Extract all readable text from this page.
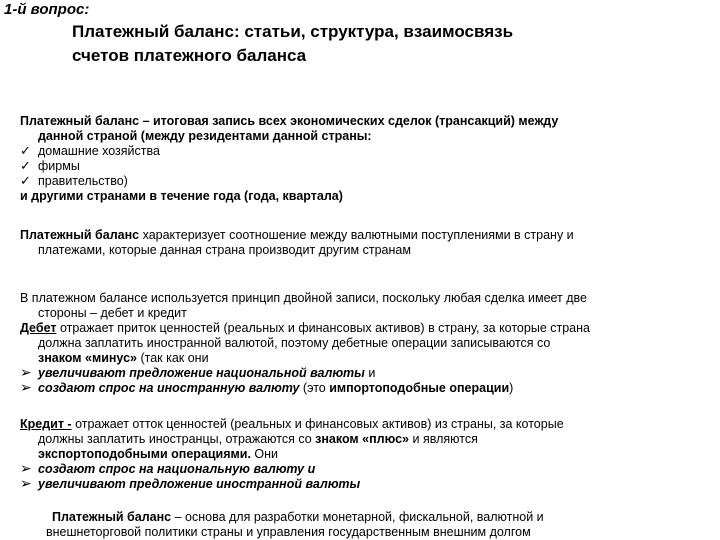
1-й вопрос:
Платежный баланс: статьи, структура, взаимосвязь
счетов платежного баланса
Платежный баланс – итоговая запись всех экономических сделок (трансакций) между
данной страной (между резидентами данной страны:
✓ домашние хозяйства
✓ фирмы
✓ правительство)
и другими странами в течение года (года, квартала)
Платежный баланс характеризует соотношение между валютными поступлениями в страну и
платежами, которые данная страна производит другим странам
В платежном балансе используется принцип двойной записи, поскольку любая сделка имеет две
стороны – дебет и кредит
Дебет отражает приток ценностей (реальных и финансовых активов) в страну, за которые страна
должна заплатить иностранной валютой, поэтому дебетные операции записываются со
знаком «минус» (так как они
➢ увеличивают предложение национальной валюты и
➢ создают спрос на иностранную валюту (это импортоподобные операции)
Кредит - отражает отток ценностей (реальных и финансовых активов) из страны, за которые
должны заплатить иностранцы, отражаются со знаком «плюс» и являются
экспортоподобными операциями. Они
➢ создают спрос на национальную валюту и
➢ увеличивают предложение иностранной валюты
Платежный баланс – основа для разработки монетарной, фискальной, валютной и
внешнеторговой политики страны и управления государственным внешним долгом
